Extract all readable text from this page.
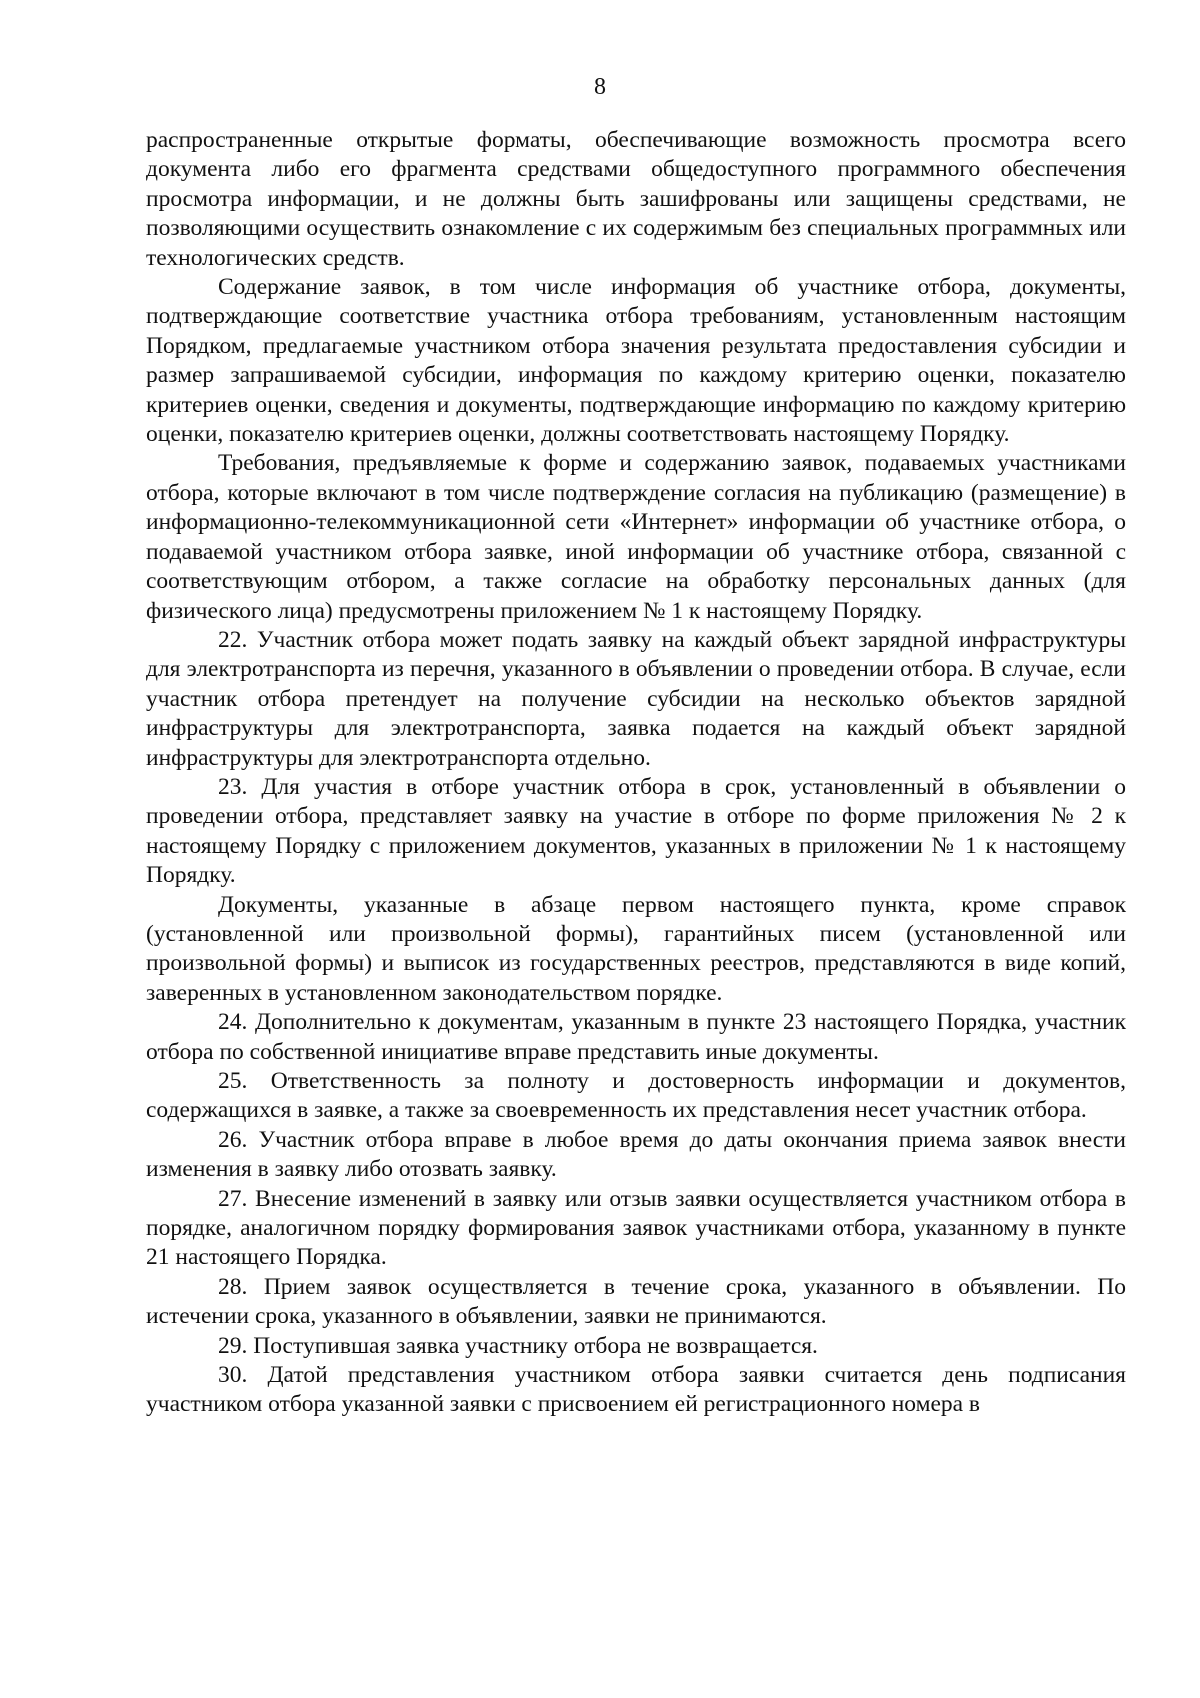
8

распространенные открытые форматы, обеспечивающие возможность просмотра всего документа либо его фрагмента средствами общедоступного программного обеспечения просмотра информации, и не должны быть зашифрованы или защищены средствами, не позволяющими осуществить ознакомление с их содержимым без специальных программных или технологических средств.

Содержание заявок, в том числе информация об участнике отбора, документы, подтверждающие соответствие участника отбора требованиям, установленным настоящим Порядком, предлагаемые участником отбора значения результата предоставления субсидии и размер запрашиваемой субсидии, информация по каждому критерию оценки, показателю критериев оценки, сведения и документы, подтверждающие информацию по каждому критерию оценки, показателю критериев оценки, должны соответствовать настоящему Порядку.

Требования, предъявляемые к форме и содержанию заявок, подаваемых участниками отбора, которые включают в том числе подтверждение согласия на публикацию (размещение) в информационно-телекоммуникационной сети «Интернет» информации об участнике отбора, о подаваемой участником отбора заявке, иной информации об участнике отбора, связанной с соответствующим отбором, а также согласие на обработку персональных данных (для физического лица) предусмотрены приложением № 1 к настоящему Порядку.

22. Участник отбора может подать заявку на каждый объект зарядной инфраструктуры для электротранспорта из перечня, указанного в объявлении о проведении отбора. В случае, если участник отбора претендует на получение субсидии на несколько объектов зарядной инфраструктуры для электротранспорта, заявка подается на каждый объект зарядной инфраструктуры для электротранспорта отдельно.

23. Для участия в отборе участник отбора в срок, установленный в объявлении о проведении отбора, представляет заявку на участие в отборе по форме приложения № 2 к настоящему Порядку с приложением документов, указанных в приложении № 1 к настоящему Порядку.

Документы, указанные в абзаце первом настоящего пункта, кроме справок (установленной или произвольной формы), гарантийных писем (установленной или произвольной формы) и выписок из государственных реестров, представляются в виде копий, заверенных в установленном законодательством порядке.

24. Дополнительно к документам, указанным в пункте 23 настоящего Порядка, участник отбора по собственной инициативе вправе представить иные документы.

25. Ответственность за полноту и достоверность информации и документов, содержащихся в заявке, а также за своевременность их представления несет участник отбора.

26. Участник отбора вправе в любое время до даты окончания приема заявок внести изменения в заявку либо отозвать заявку.

27. Внесение изменений в заявку или отзыв заявки осуществляется участником отбора в порядке, аналогичном порядку формирования заявок участниками отбора, указанному в пункте 21 настоящего Порядка.

28. Прием заявок осуществляется в течение срока, указанного в объявлении. По истечении срока, указанного в объявлении, заявки не принимаются.

29. Поступившая заявка участнику отбора не возвращается.

30. Датой представления участником отбора заявки считается день подписания участником отбора указанной заявки с присвоением ей регистрационного номера в
